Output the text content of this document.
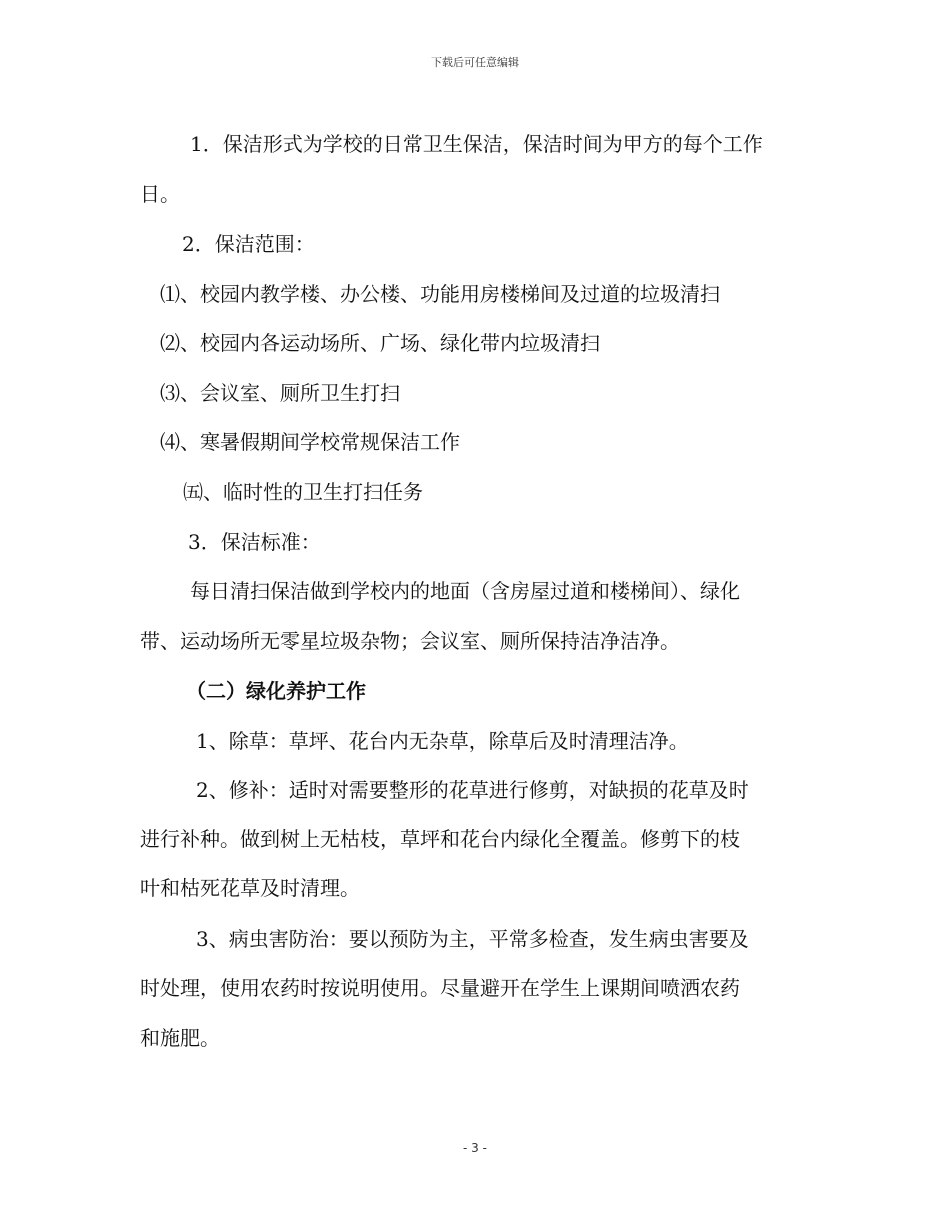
下载后可任意编辑
1．保洁形式为学校的日常卫生保洁，保洁时间为甲方的每个工作
日。
2．保洁范围：
⑴、校园内教学楼、办公楼、功能用房楼梯间及过道的垃圾清扫
⑵、校园内各运动场所、广场、绿化带内垃圾清扫
⑶、会议室、厕所卫生打扫
⑷、寒暑假期间学校常规保洁工作
㈤、临时性的卫生打扫任务
3．保洁标准：
每日清扫保洁做到学校内的地面（含房屋过道和楼梯间）、绿化
带、运动场所无零星垃圾杂物；会议室、厕所保持洁净洁净。
（二）绿化养护工作
1、除草：草坪、花台内无杂草，除草后及时清理洁净。
2、修补：适时对需要整形的花草进行修剪，对缺损的花草及时
进行补种。做到树上无枯枝，草坪和花台内绿化全覆盖。修剪下的枝
叶和枯死花草及时清理。
3、病虫害防治：要以预防为主，平常多检查，发生病虫害要及
时处理，使用农药时按说明使用。尽量避开在学生上课期间喷洒农药
和施肥。
- 3 -
